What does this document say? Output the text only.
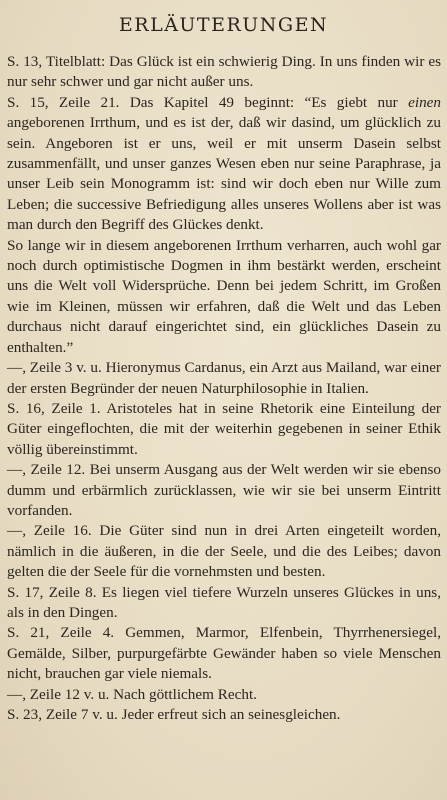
ERLÄUTERUNGEN

S. 13, Titelblatt: Das Glück ist ein schwierig Ding. In uns finden wir es nur sehr schwer und gar nicht außer uns.

S. 15, Zeile 21. Das Kapitel 49 beginnt: “Es giebt nur einen angeborenen Irrthum, und es ist der, daß wir dasind, um glücklich zu sein. Angeboren ist er uns, weil er mit unserm Dasein selbst zusammenfällt, und unser ganzes Wesen eben nur seine Paraphrase, ja unser Leib sein Monogramm ist: sind wir doch eben nur Wille zum Leben; die successive Befriedigung alles unseres Wollens aber ist was man durch den Begriff des Glückes denkt.

So lange wir in diesem angeborenen Irrthum verharren, auch wohl gar noch durch optimistische Dogmen in ihm bestärkt werden, erscheint uns die Welt voll Widersprüche. Denn bei jedem Schritt, im Großen wie im Kleinen, müssen wir erfahren, daß die Welt und das Leben durchaus nicht darauf eingerichtet sind, ein glückliches Dasein zu enthalten.”

—, Zeile 3 v. u. Hieronymus Cardanus, ein Arzt aus Mailand, war einer der ersten Begründer der neuen Naturphilosophie in Italien.

S. 16, Zeile 1. Aristoteles hat in seine Rhetorik eine Einteilung der Güter eingeflochten, die mit der weiterhin gegebenen in seiner Ethik völlig übereinstimmt.

—, Zeile 12. Bei unserm Ausgang aus der Welt werden wir sie ebenso dumm und erbärmlich zurücklassen, wie wir sie bei unserm Eintritt vorfanden.

—, Zeile 16. Die Güter sind nun in drei Arten eingeteilt worden, nämlich in die äußeren, in die der Seele, und die des Leibes; davon gelten die der Seele für die vornehmsten und besten.

S. 17, Zeile 8. Es liegen viel tiefere Wurzeln unseres Glückes in uns, als in den Dingen.

S. 21, Zeile 4. Gemmen, Marmor, Elfenbein, Thyrrhenersiegel, Gemälde, Silber, purpurgefärbte Gewänder haben so viele Menschen nicht, brauchen gar viele niemals.

—, Zeile 12 v. u. Nach göttlichem Recht.

S. 23, Zeile 7 v. u. Jeder erfreut sich an seinesgleichen.
